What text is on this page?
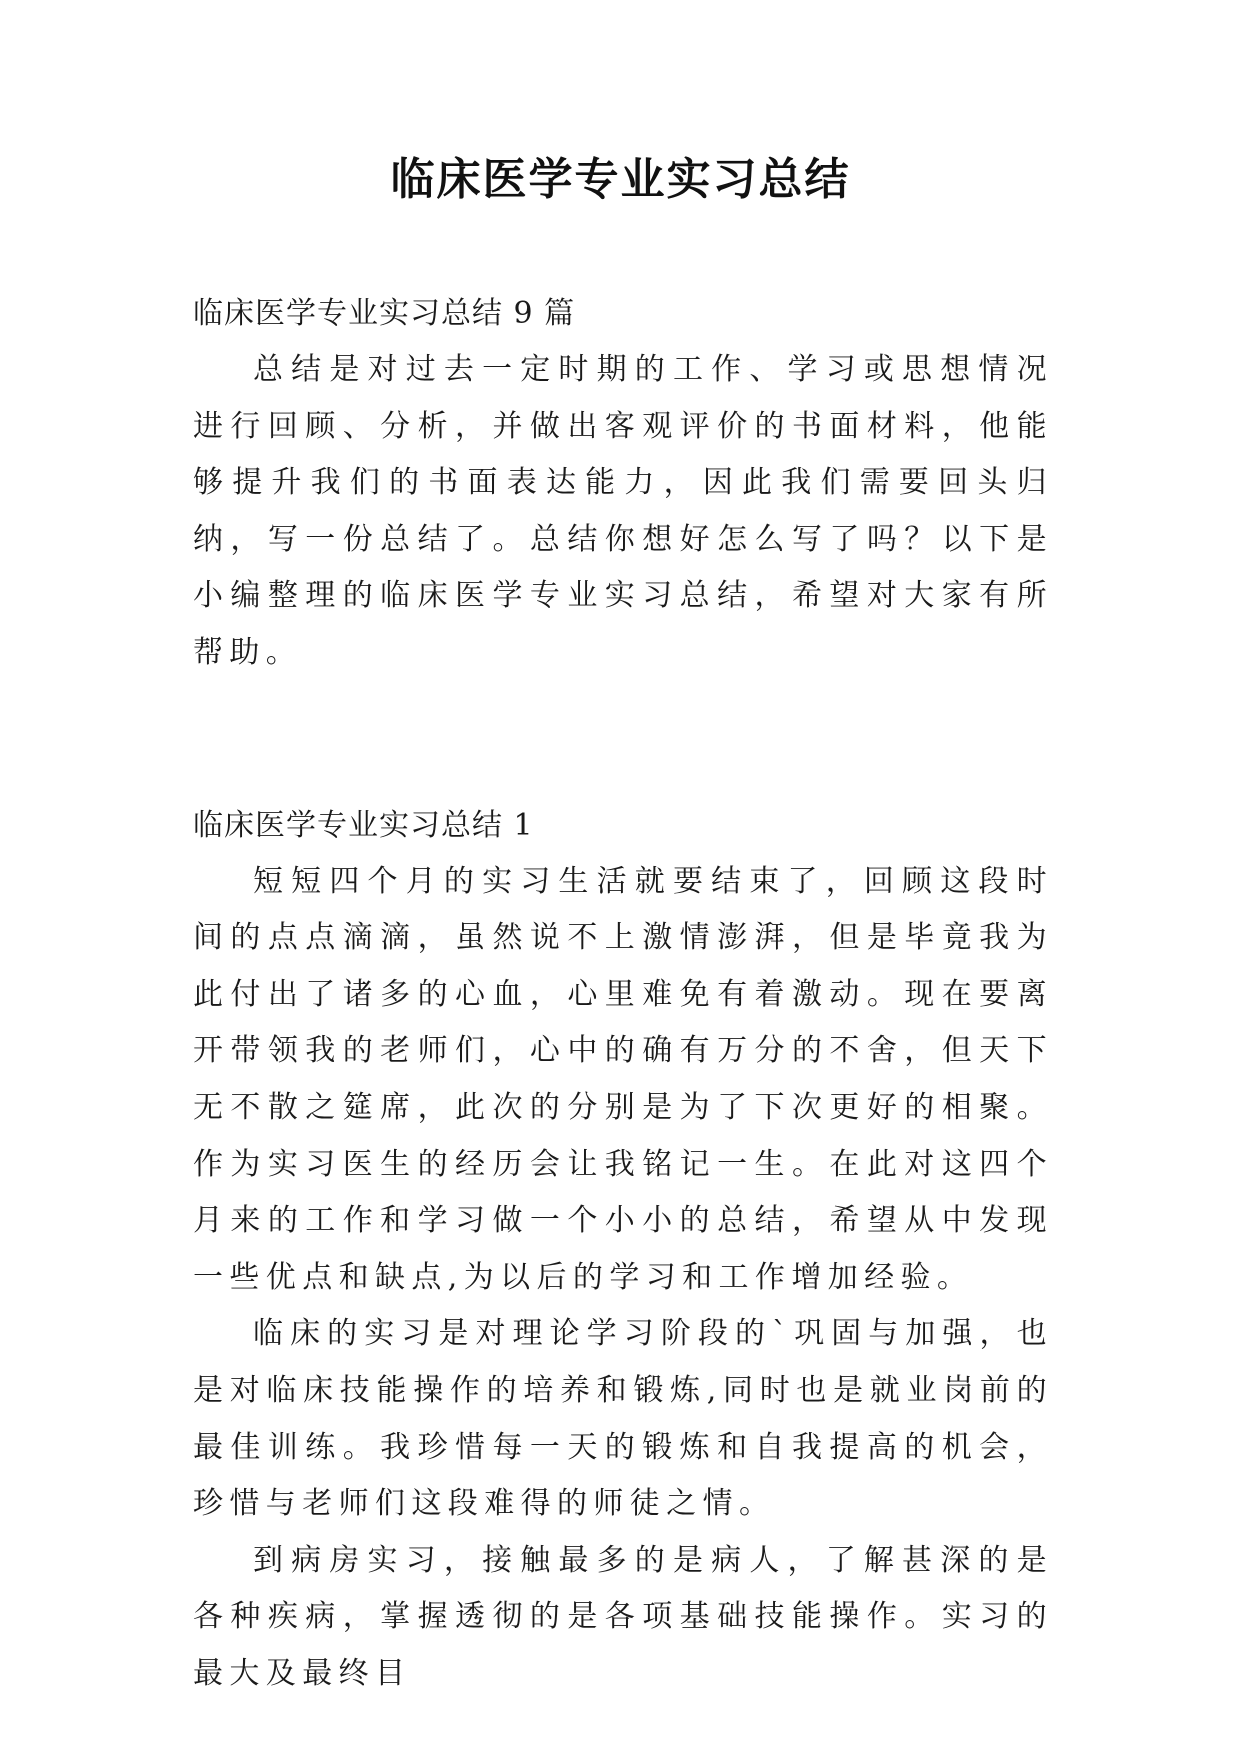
临床医学专业实习总结

临床医学专业实习总结 9 篇

总结是对过去一定时期的工作、学习或思想情况进行回顾、分析，并做出客观评价的书面材料，他能够提升我们的书面表达能力，因此我们需要回头归纳，写一份总结了。总结你想好怎么写了吗？以下是小编整理的临床医学专业实习总结，希望对大家有所帮助。

临床医学专业实习总结 1

短短四个月的实习生活就要结束了，回顾这段时间的点点滴滴，虽然说不上激情澎湃，但是毕竟我为此付出了诸多的心血，心里难免有着激动。现在要离开带领我的老师们，心中的确有万分的不舍，但天下无不散之筵席，此次的分别是为了下次更好的相聚。作为实习医生的经历会让我铭记一生。在此对这四个月来的工作和学习做一个小小的总结，希望从中发现一些优点和缺点,为以后的学习和工作增加经验。

临床的实习是对理论学习阶段的`巩固与加强，也是对临床技能操作的培养和锻炼,同时也是就业岗前的最佳训练。我珍惜每一天的锻炼和自我提高的机会，珍惜与老师们这段难得的师徒之情。

到病房实习，接触最多的是病人，了解甚深的是各种疾病，掌握透彻的是各项基础技能操作。实习的最大及最终目
